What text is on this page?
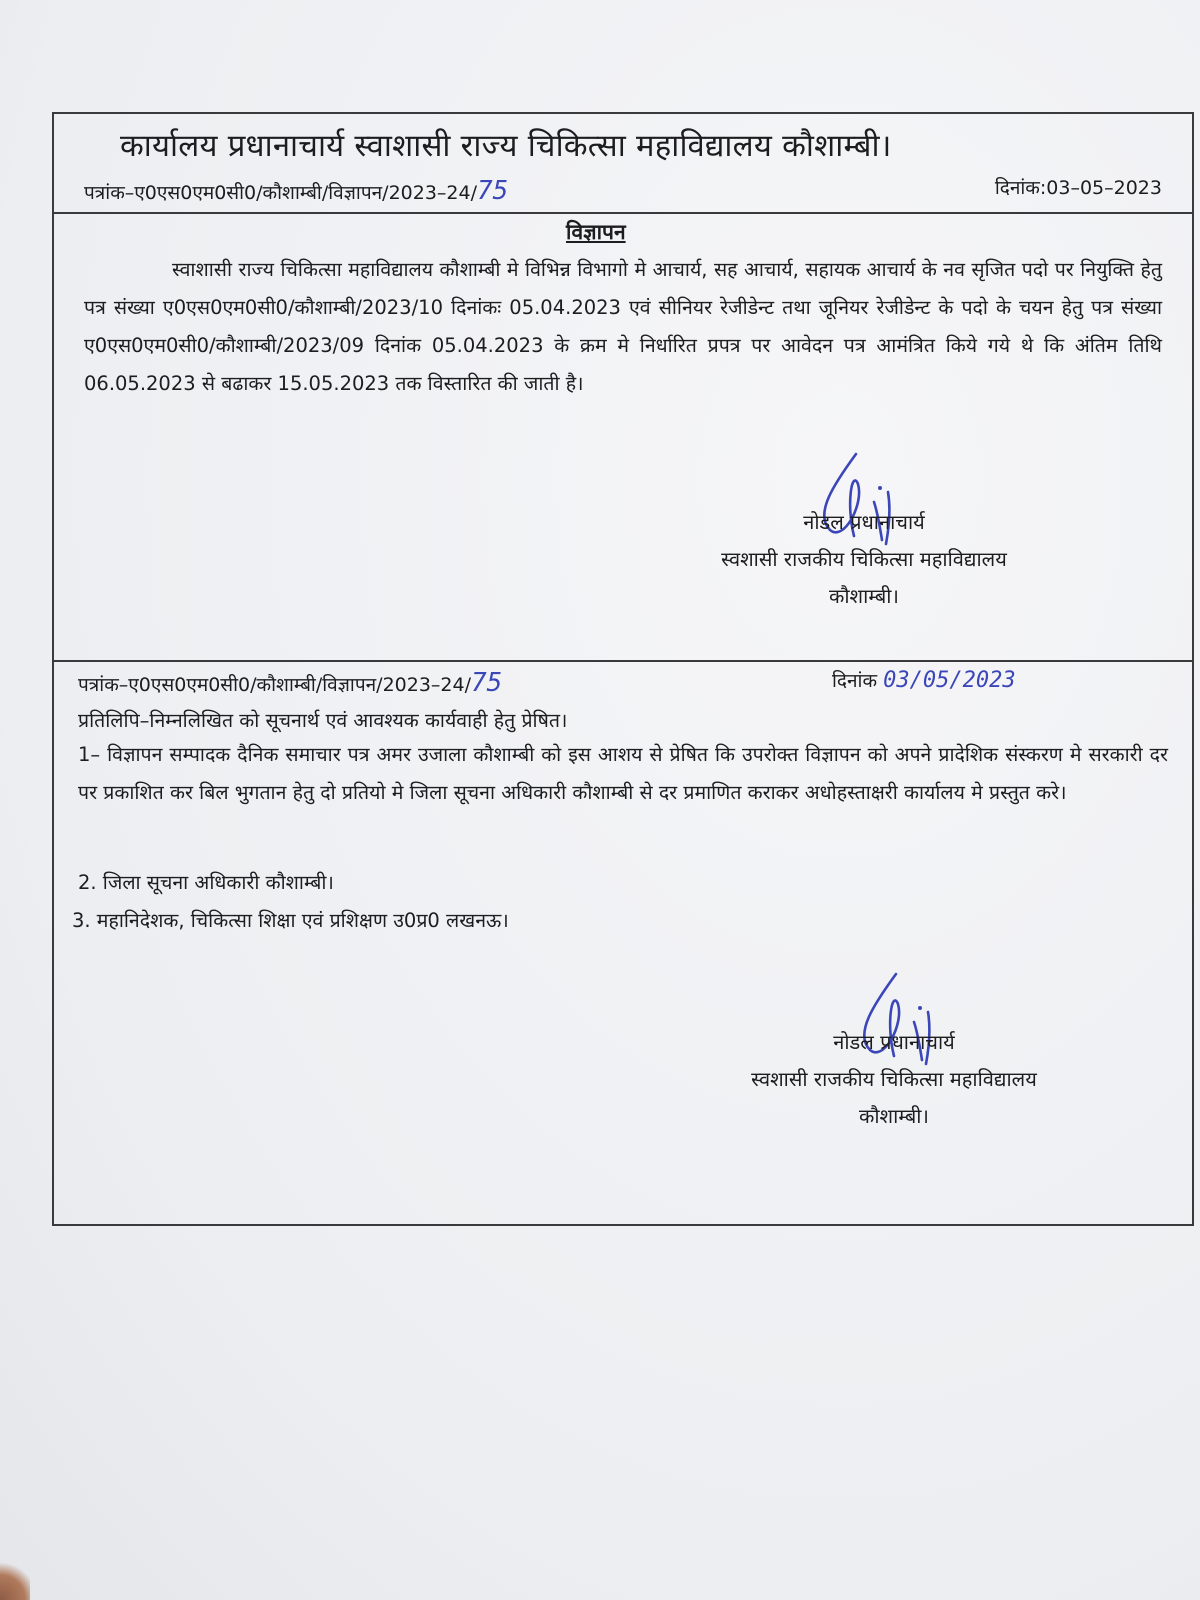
कार्यालय प्रधानाचार्य स्वाशासी राज्य चिकित्सा महाविद्यालय कौशाम्बी।
पत्रांक–ए0एस0एम0सी0/कौशाम्बी/विज्ञापन/2023–24/75	दिनांक:03–05–2023
विज्ञापन
स्वाशासी राज्य चिकित्सा महाविद्यालय कौशाम्बी मे विभिन्न विभागो मे आचार्य, सह आचार्य, सहायक आचार्य के नव सृजित पदो पर नियुक्ति हेतु पत्र संख्या ए0एस0एम0सी0/कौशाम्बी/2023/10 दिनांकः 05.04.2023 एवं सीनियर रेजीडेन्ट तथा जूनियर रेजीडेन्ट के पदो के चयन हेतु पत्र संख्या ए0एस0एम0सी0/कौशाम्बी/2023/09 दिनांक 05.04.2023 के क्रम मे निर्धारित प्रपत्र पर आवेदन पत्र आमंत्रित किये गये थे कि अंतिम तिथि 06.05.2023 से बढाकर 15.05.2023 तक विस्तारित की जाती है।
नोडल प्रधानाचार्य
स्वशासी राजकीय चिकित्सा महाविद्यालय
कौशाम्बी।
पत्रांक–ए0एस0एम0सी0/कौशाम्बी/विज्ञापन/2023–24/75	दिनांक 03/05/2023
प्रतिलिपि–निम्नलिखित को सूचनार्थ एवं आवश्यक कार्यवाही हेतु प्रेषित।
1– विज्ञापन सम्पादक दैनिक समाचार पत्र अमर उजाला कौशाम्बी को इस आशय से प्रेषित कि उपरोक्त विज्ञापन को अपने प्रादेशिक संस्करण मे सरकारी दर पर प्रकाशित कर बिल भुगतान हेतु दो प्रतियो मे जिला सूचना अधिकारी कौशाम्बी से दर प्रमाणित कराकर अधोहस्ताक्षरी कार्यालय मे प्रस्तुत करे।
2. जिला सूचना अधिकारी कौशाम्बी।
3. महानिदेशक, चिकित्सा शिक्षा एवं प्रशिक्षण उ0प्र0 लखनऊ।
नोडल प्रधानाचार्य
स्वशासी राजकीय चिकित्सा महाविद्यालय
कौशाम्बी।
